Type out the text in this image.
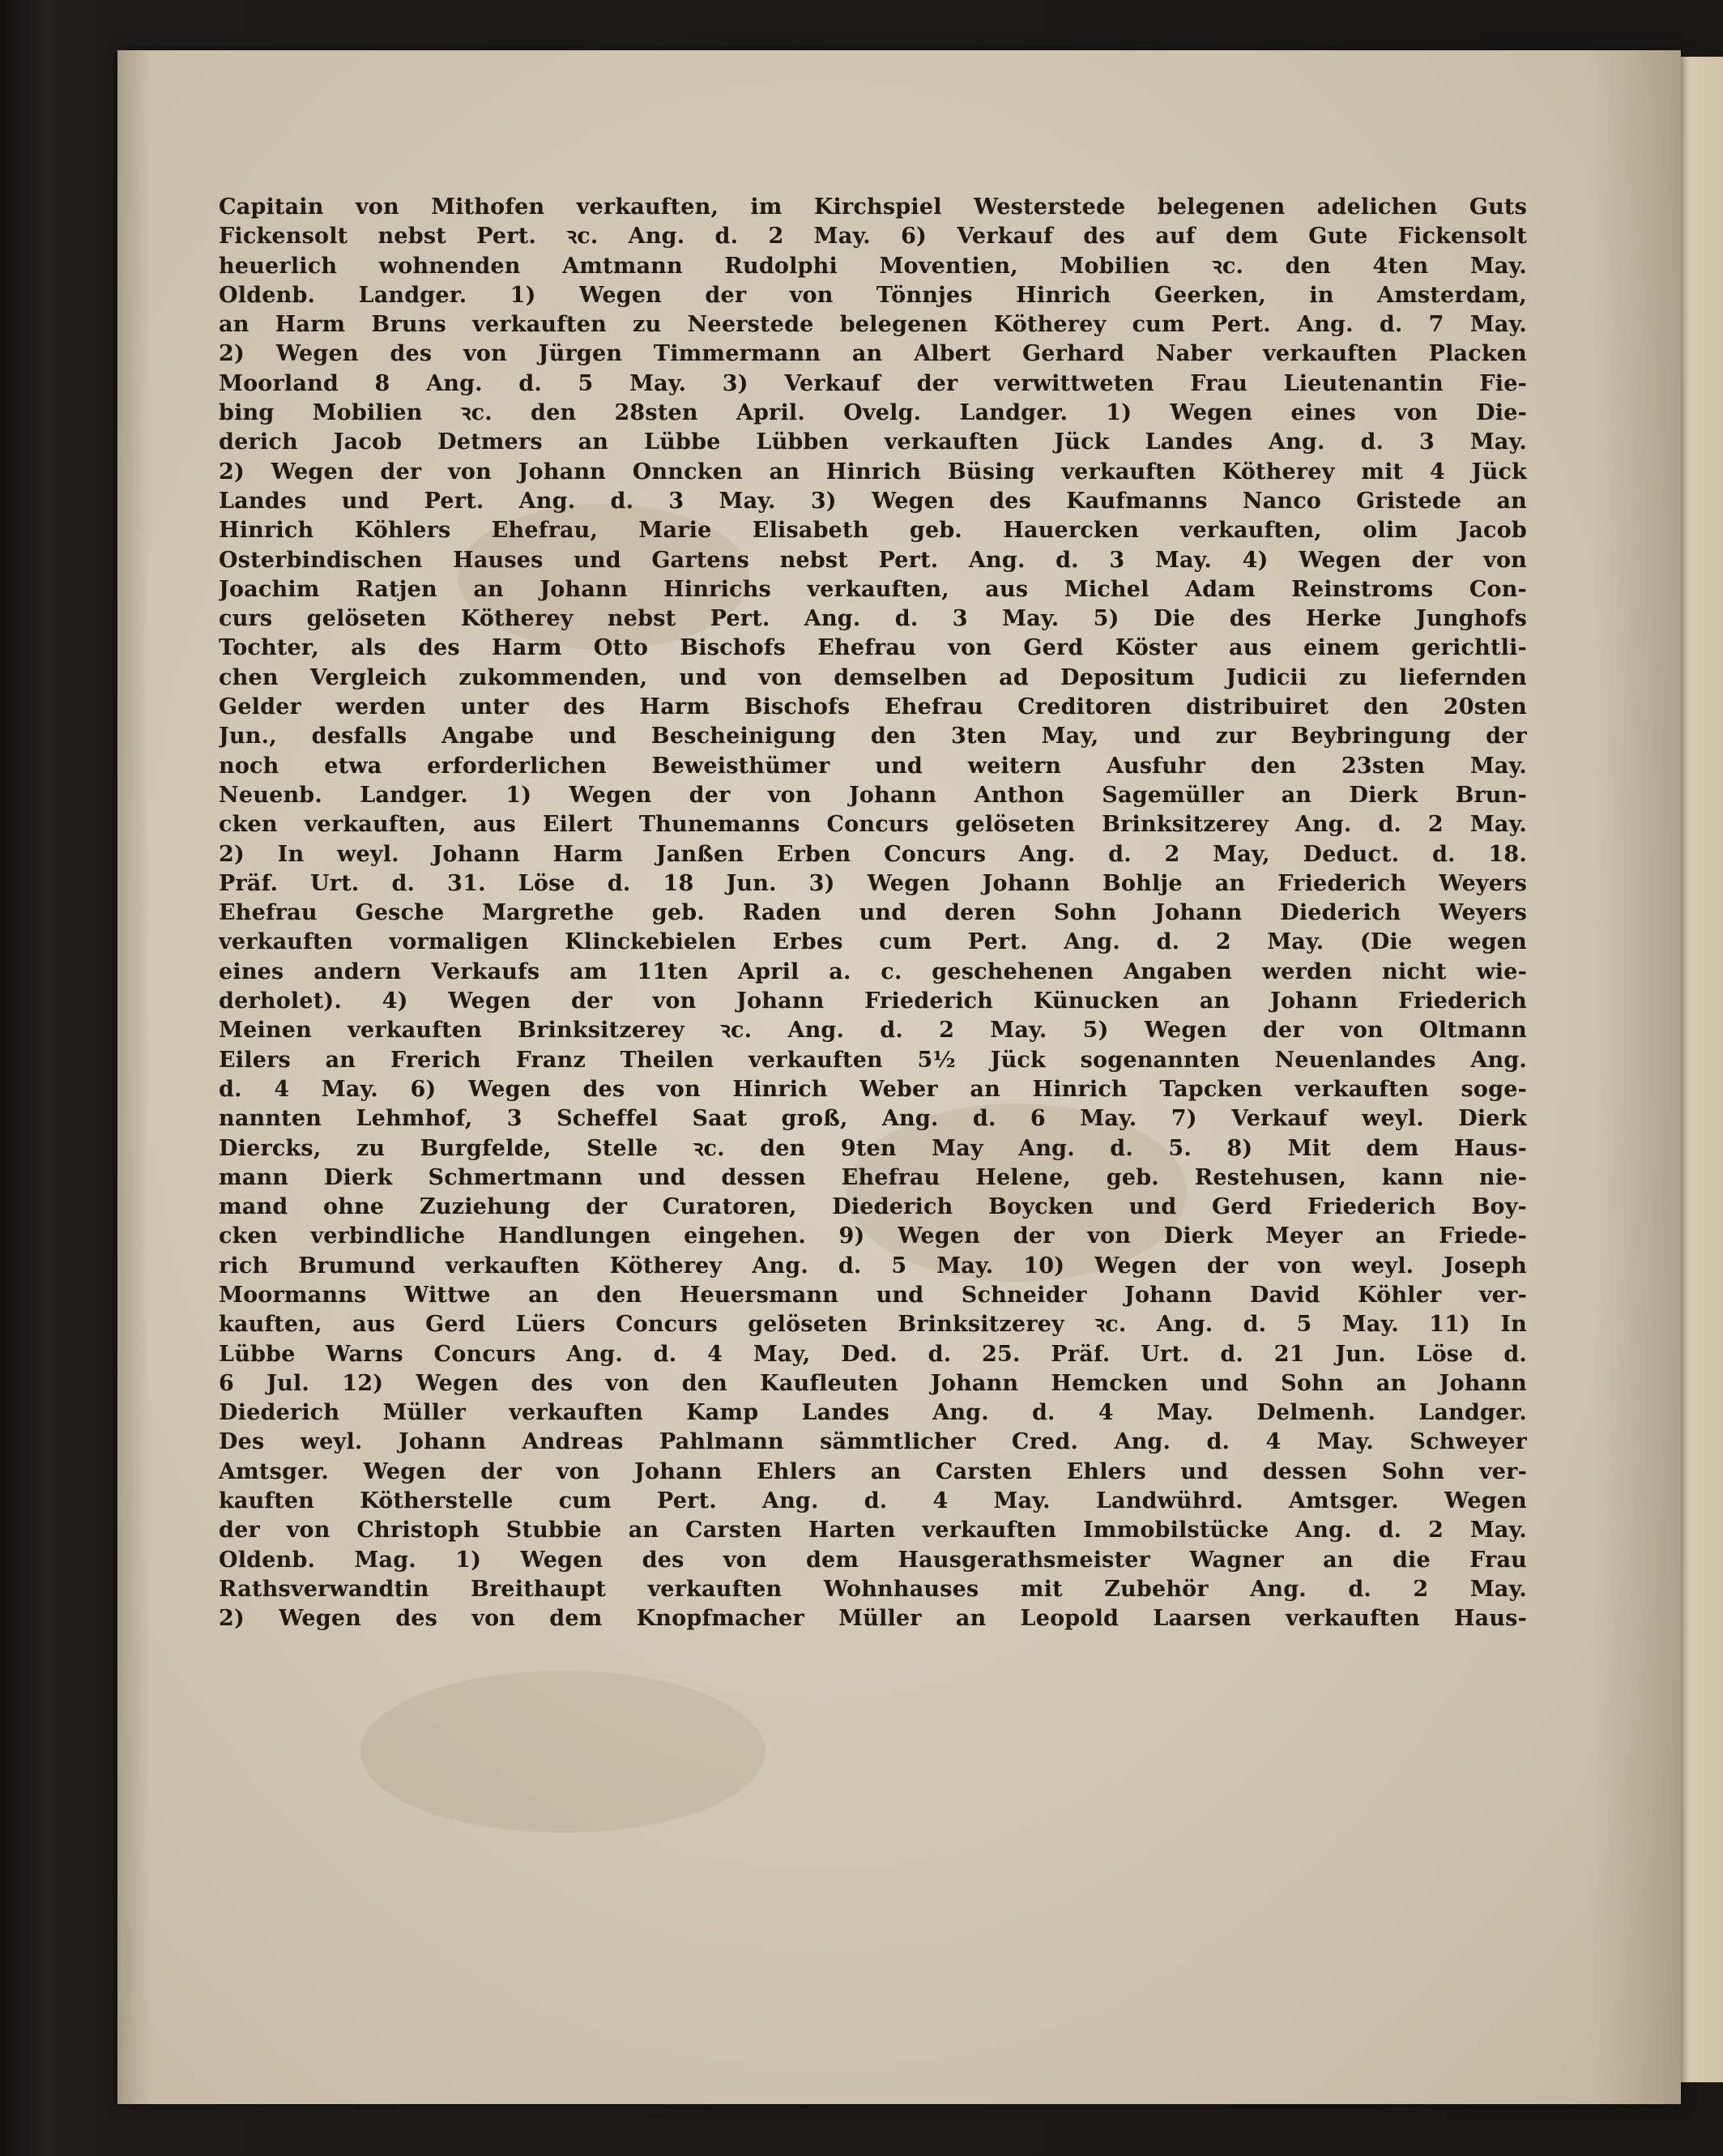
Capitain von Mithofen verkauften, im Kirchspiel Westerstede belegenen adelichen Guts
Fickensolt nebst Pert. ꝛc. Ang. d. 2 May. 6) Verkauf des auf dem Gute Fickensolt
heuerlich wohnenden Amtmann Rudolphi Moventien, Mobilien ꝛc. den 4ten May.
Oldenb. Landger. 1) Wegen der von Tönnjes Hinrich Geerken, in Amsterdam,
an Harm Bruns verkauften zu Neerstede belegenen Kötherey cum Pert. Ang. d. 7 May.
2) Wegen des von Jürgen Timmermann an Albert Gerhard Naber verkauften Placken
Moorland 8 Ang. d. 5 May. 3) Verkauf der verwittweten Frau Lieutenantin Fie-
bing Mobilien ꝛc. den 28sten April. Ovelg. Landger. 1) Wegen eines von Die-
derich Jacob Detmers an Lübbe Lübben verkauften Jück Landes Ang. d. 3 May.
2) Wegen der von Johann Onncken an Hinrich Büsing verkauften Kötherey mit 4 Jück
Landes und Pert. Ang. d. 3 May. 3) Wegen des Kaufmanns Nanco Gristede an
Hinrich Köhlers Ehefrau, Marie Elisabeth geb. Hauercken verkauften, olim Jacob
Osterbindischen Hauses und Gartens nebst Pert. Ang. d. 3 May. 4) Wegen der von
Joachim Ratjen an Johann Hinrichs verkauften, aus Michel Adam Reinstroms Con-
curs gelöseten Kötherey nebst Pert. Ang. d. 3 May. 5) Die des Herke Junghofs
Tochter, als des Harm Otto Bischofs Ehefrau von Gerd Köster aus einem gerichtli-
chen Vergleich zukommenden, und von demselben ad Depositum Judicii zu liefernden
Gelder werden unter des Harm Bischofs Ehefrau Creditoren distribuiret den 20sten
Jun., desfalls Angabe und Bescheinigung den 3ten May, und zur Beybringung der
noch etwa erforderlichen Beweisthümer und weitern Ausfuhr den 23sten May.
Neuenb. Landger. 1) Wegen der von Johann Anthon Sagemüller an Dierk Brun-
cken verkauften, aus Eilert Thunemanns Concurs gelöseten Brinksitzerey Ang. d. 2 May.
2) In weyl. Johann Harm Janßen Erben Concurs Ang. d. 2 May, Deduct. d. 18.
Präf. Urt. d. 31. Löse d. 18 Jun. 3) Wegen Johann Bohlje an Friederich Weyers
Ehefrau Gesche Margrethe geb. Raden und deren Sohn Johann Diederich Weyers
verkauften vormaligen Klinckebielen Erbes cum Pert. Ang. d. 2 May. (Die wegen
eines andern Verkaufs am 11ten April a. c. geschehenen Angaben werden nicht wie-
derholet). 4) Wegen der von Johann Friederich Künucken an Johann Friederich
Meinen verkauften Brinksitzerey ꝛc. Ang. d. 2 May. 5) Wegen der von Oltmann
Eilers an Frerich Franz Theilen verkauften 5½ Jück sogenannten Neuenlandes Ang.
d. 4 May. 6) Wegen des von Hinrich Weber an Hinrich Tapcken verkauften soge-
nannten Lehmhof, 3 Scheffel Saat groß, Ang. d. 6 May. 7) Verkauf weyl. Dierk
Diercks, zu Burgfelde, Stelle ꝛc. den 9ten May Ang. d. 5. 8) Mit dem Haus-
mann Dierk Schmertmann und dessen Ehefrau Helene, geb. Restehusen, kann nie-
mand ohne Zuziehung der Curatoren, Diederich Boycken und Gerd Friederich Boy-
cken verbindliche Handlungen eingehen. 9) Wegen der von Dierk Meyer an Friede-
rich Brumund verkauften Kötherey Ang. d. 5 May. 10) Wegen der von weyl. Joseph
Moormanns Wittwe an den Heuersmann und Schneider Johann David Köhler ver-
kauften, aus Gerd Lüers Concurs gelöseten Brinksitzerey ꝛc. Ang. d. 5 May. 11) In
Lübbe Warns Concurs Ang. d. 4 May, Ded. d. 25. Präf. Urt. d. 21 Jun. Löse d.
6 Jul. 12) Wegen des von den Kaufleuten Johann Hemcken und Sohn an Johann
Diederich Müller verkauften Kamp Landes Ang. d. 4 May. Delmenh. Landger.
Des weyl. Johann Andreas Pahlmann sämmtlicher Cred. Ang. d. 4 May. Schweyer
Amtsger. Wegen der von Johann Ehlers an Carsten Ehlers und dessen Sohn ver-
kauften Kötherstelle cum Pert. Ang. d. 4 May. Landwührd. Amtsger. Wegen
der von Christoph Stubbie an Carsten Harten verkauften Immobilstücke Ang. d. 2 May.
Oldenb. Mag. 1) Wegen des von dem Hausgerathsmeister Wagner an die Frau
Rathsverwandtin Breithaupt verkauften Wohnhauses mit Zubehör Ang. d. 2 May.
2) Wegen des von dem Knopfmacher Müller an Leopold Laarsen verkauften Haus-
